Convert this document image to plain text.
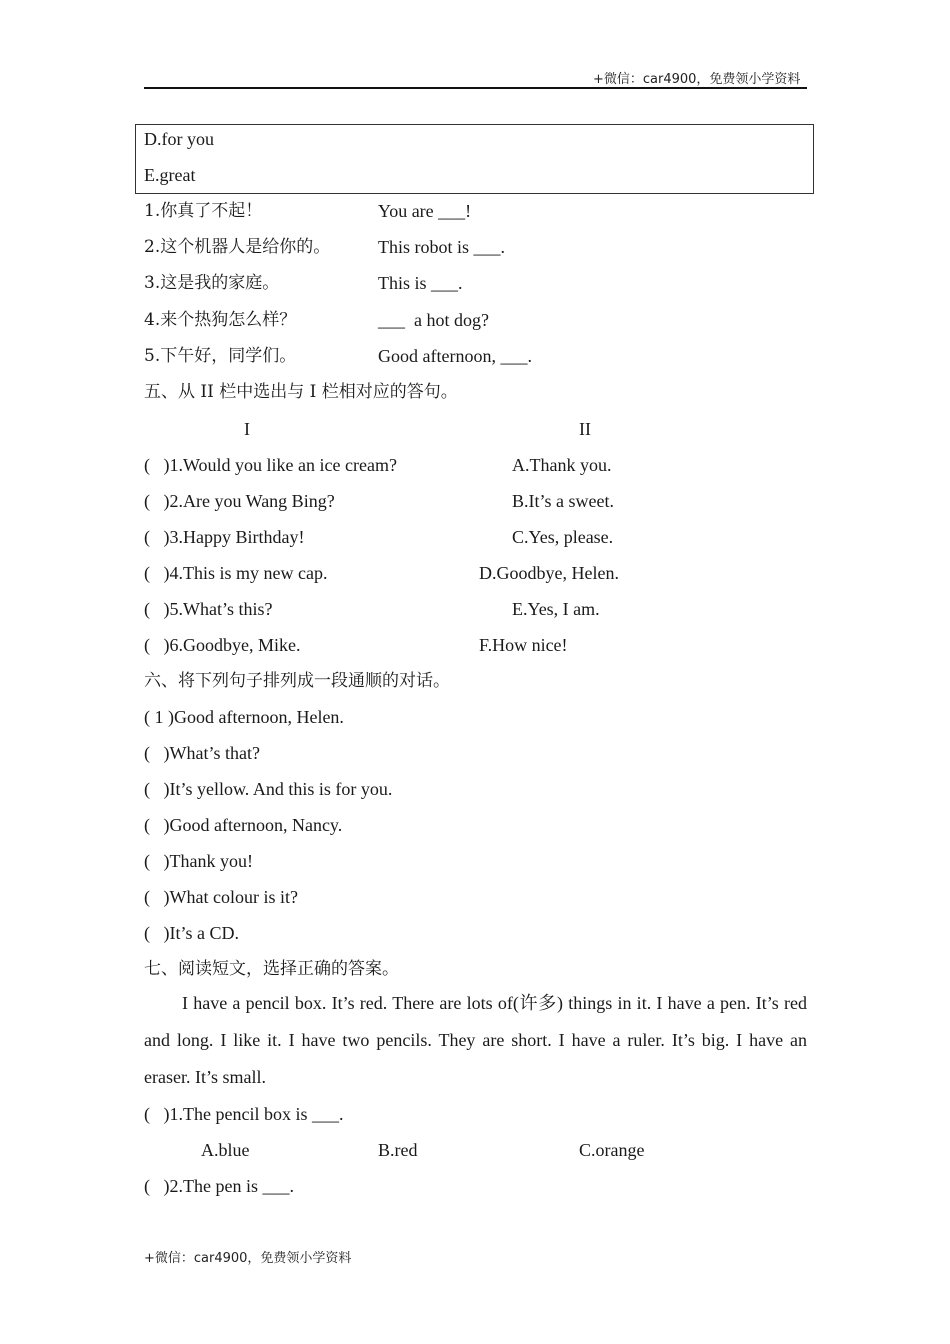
+微信：car4900，免费领小学资料
D.for you
E.great
1.你真了不起！	You are ___!
2.这个机器人是给你的。	This robot is ___.
3.这是我的家庭。	This is ___.
4.来个热狗怎么样？	___  a hot dog?
5.下午好，同学们。	Good afternoon, ___.
五、从 II 栏中选出与 I 栏相对应的答句。
I	II
(   )1.Would you like an ice cream?	A.Thank you.
(   )2.Are you Wang Bing?	B.It’s a sweet.
(   )3.Happy Birthday!	C.Yes, please.
(   )4.This is my new cap.	D.Goodbye, Helen.
(   )5.What’s this?	E.Yes, I am.
(   )6.Goodbye, Mike.	F.How nice!
六、将下列句子排列成一段通顺的对话。
( 1 )Good afternoon, Helen.
(   )What’s that?
(   )It’s yellow. And this is for you.
(   )Good afternoon, Nancy.
(   )Thank you!
(   )What colour is it?
(   )It’s a CD.
七、阅读短文，选择正确的答案。
I have a pencil box. It’s red. There are lots of(许多) things in it. I have a pen. It’s red and long. I like it. I have two pencils. They are short. I have a ruler. It’s big. I have an eraser. It’s small.
(   )1.The pencil box is ___.
A.blue	B.red	C.orange
(   )2.The pen is ___.
+微信：car4900，免费领小学资料
